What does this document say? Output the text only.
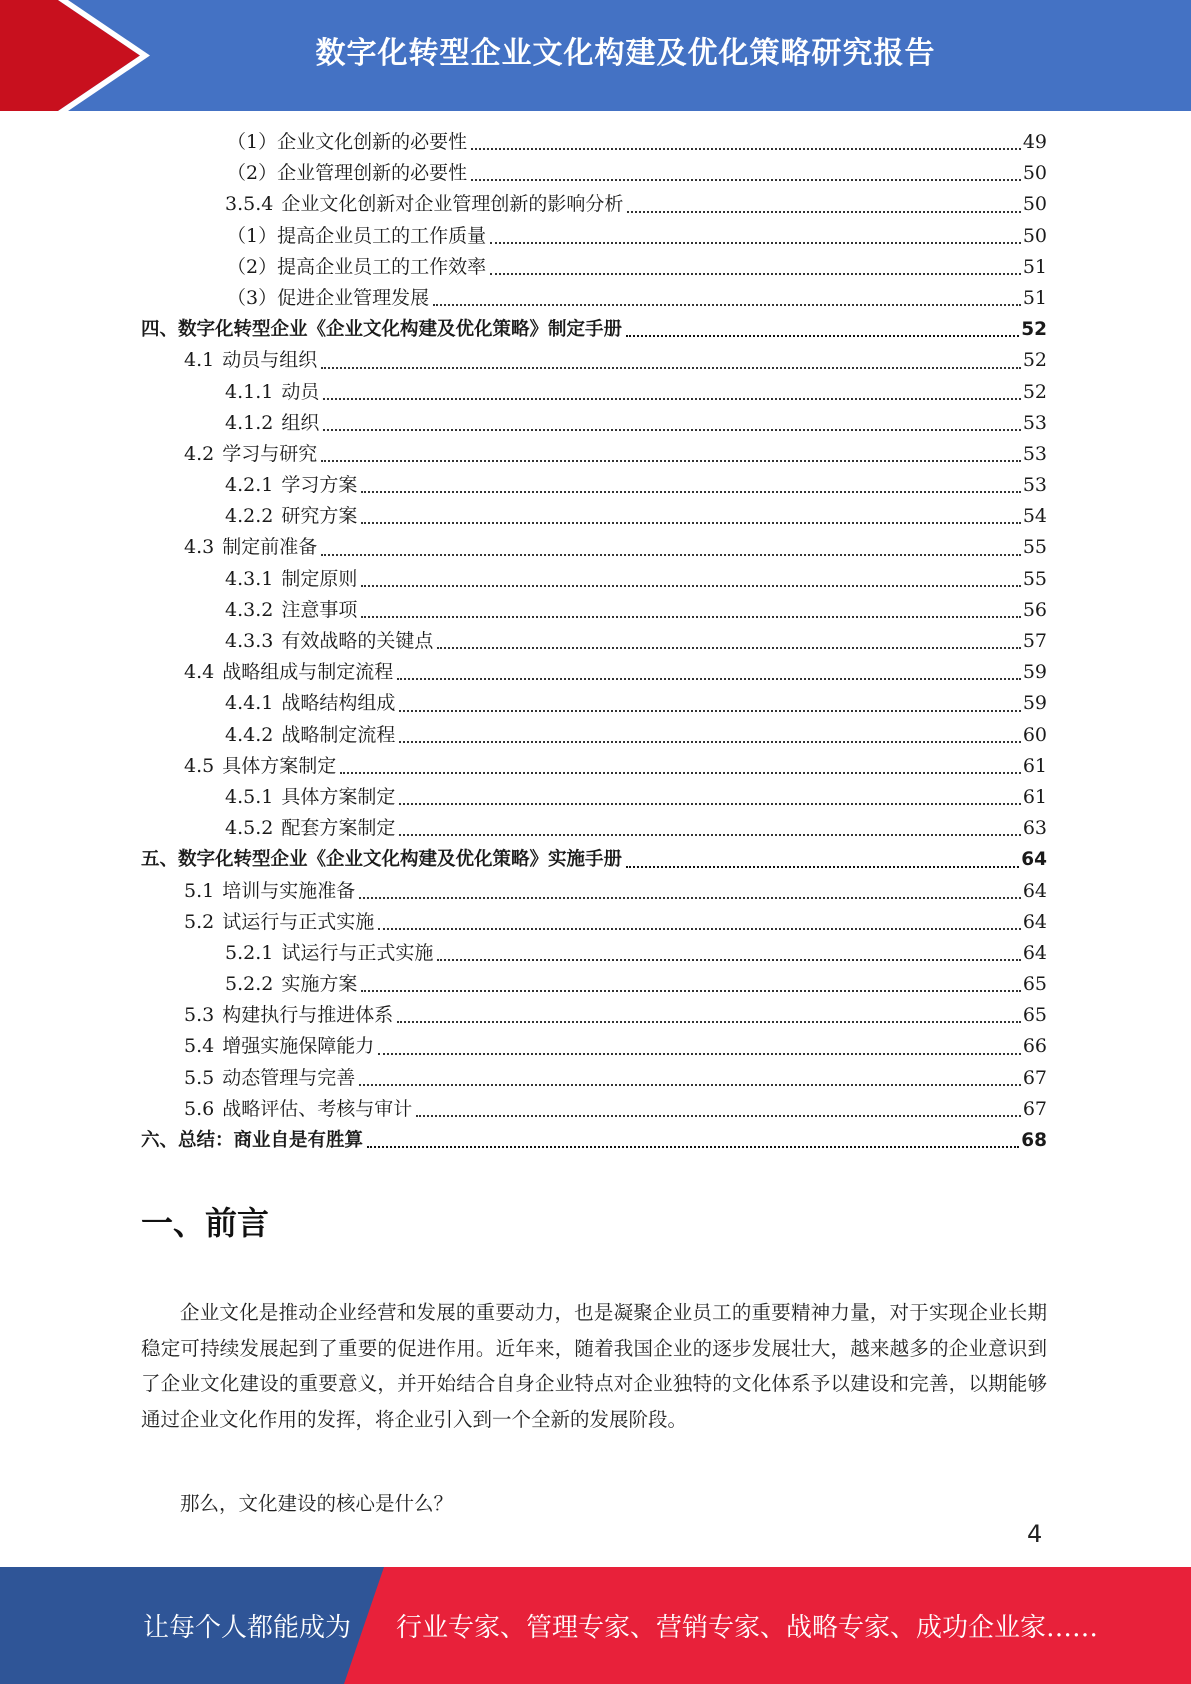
数字化转型企业文化构建及优化策略研究报告
（1）企业文化创新的必要性	49
（2）企业管理创新的必要性	50
3.5.4 企业文化创新对企业管理创新的影响分析	50
（1）提高企业员工的工作质量	50
（2）提高企业员工的工作效率	51
（3）促进企业管理发展	51
四、数字化转型企业《企业文化构建及优化策略》制定手册	52
4.1 动员与组织	52
4.1.1 动员	52
4.1.2 组织	53
4.2 学习与研究	53
4.2.1 学习方案	53
4.2.2 研究方案	54
4.3 制定前准备	55
4.3.1 制定原则	55
4.3.2 注意事项	56
4.3.3 有效战略的关键点	57
4.4 战略组成与制定流程	59
4.4.1 战略结构组成	59
4.4.2 战略制定流程	60
4.5 具体方案制定	61
4.5.1 具体方案制定	61
4.5.2 配套方案制定	63
五、数字化转型企业《企业文化构建及优化策略》实施手册	64
5.1 培训与实施准备	64
5.2 试运行与正式实施	64
5.2.1 试运行与正式实施	64
5.2.2 实施方案	65
5.3 构建执行与推进体系	65
5.4 增强实施保障能力	66
5.5 动态管理与完善	67
5.6 战略评估、考核与审计	67
六、总结：商业自是有胜算	68
一、前言
企业文化是推动企业经营和发展的重要动力，也是凝聚企业员工的重要精神力量，对于实现企业长期稳定可持续发展起到了重要的促进作用。近年来，随着我国企业的逐步发展壮大，越来越多的企业意识到了企业文化建设的重要意义，并开始结合自身企业特点对企业独特的文化体系予以建设和完善，以期能够通过企业文化作用的发挥，将企业引入到一个全新的发展阶段。
那么，文化建设的核心是什么？
4
让每个人都能成为 行业专家、管理专家、营销专家、战略专家、成功企业家……
